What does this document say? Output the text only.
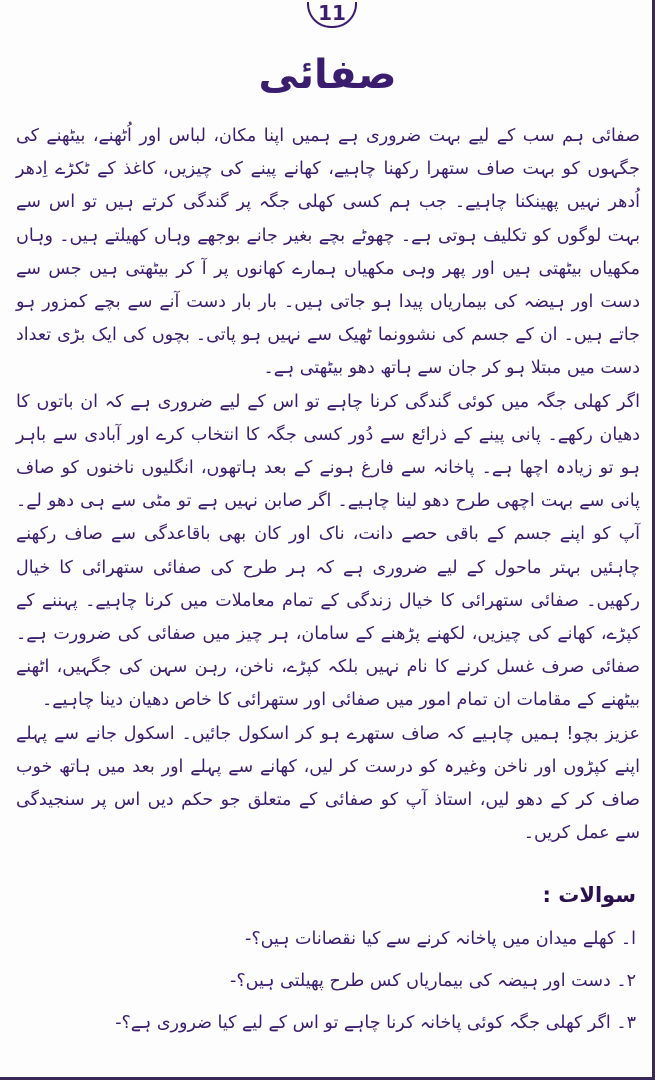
11
صفائی

صفائی ہم سب کے لیے بہت ضروری ہے ہمیں اپنا مکان، لباس اور اُٹھنے، بیٹھنے کی جگہوں کو بہت صاف ستھرا رکھنا چاہیے، کھانے پینے کی چیزیں، کاغذ کے ٹکڑے اِدھر اُدھر نہیں پھینکنا چاہیے۔ جب ہم کسی کھلی جگہ پر گندگی کرتے ہیں تو اس سے بہت لوگوں کو تکلیف ہوتی ہے۔ چھوٹے بچے بغیر جانے بوجھے وہاں کھیلتے ہیں۔ وہاں مکھیاں بیٹھتی ہیں اور پھر وہی مکھیاں ہمارے کھانوں پر آ کر بیٹھتی ہیں جس سے دست اور ہیضہ کی بیماریاں پیدا ہو جاتی ہیں۔ بار بار دست آنے سے بچے کمزور ہو جاتے ہیں۔ ان کے جسم کی نشوونما ٹھیک سے نہیں ہو پاتی۔ بچوں کی ایک بڑی تعداد دست میں مبتلا ہو کر جان سے ہاتھ دھو بیٹھتی ہے۔

اگر کھلی جگہ میں کوئی گندگی کرنا چاہے تو اس کے لیے ضروری ہے کہ ان باتوں کا دھیان رکھے۔ پانی پینے کے ذرائع سے دُور کسی جگہ کا انتخاب کرے اور آبادی سے باہر ہو تو زیادہ اچھا ہے۔ پاخانہ سے فارغ ہونے کے بعد ہاتھوں، انگلیوں ناخنوں کو صاف پانی سے بہت اچھی طرح دھو لینا چاہیے۔ اگر صابن نہیں ہے تو مٹی سے ہی دھو لے۔ آپ کو اپنے جسم کے باقی حصے دانت، ناک اور کان بھی باقاعدگی سے صاف رکھنے چاہئیں بہتر ماحول کے لیے ضروری ہے کہ ہر طرح کی صفائی ستھرائی کا خیال رکھیں۔ صفائی ستھرائی کا خیال زندگی کے تمام معاملات میں کرنا چاہیے۔ پہننے کے کپڑے، کھانے کی چیزیں، لکھنے پڑھنے کے سامان، ہر چیز میں صفائی کی ضرورت ہے۔ صفائی صرف غسل کرنے کا نام نہیں بلکہ کپڑے، ناخن، رہن سہن کی جگہیں، اٹھنے بیٹھنے کے مقامات ان تمام امور میں صفائی اور ستھرائی کا خاص دھیان دینا چاہیے۔

عزیز بچو! ہمیں چاہیے کہ صاف ستھرے ہو کر اسکول جائیں۔ اسکول جانے سے پہلے اپنے کپڑوں اور ناخن وغیرہ کو درست کر لیں، کھانے سے پہلے اور بعد میں ہاتھ خوب صاف کر کے دھو لیں، استاذ آپ کو صفائی کے متعلق جو حکم دیں اس پر سنجیدگی سے عمل کریں۔

سوالات :
ا۔ کھلے میدان میں پاخانہ کرنے سے کیا نقصانات ہیں؟-
٢۔ دست اور ہیضہ کی بیماریاں کس طرح پھیلتی ہیں؟-
٣۔ اگر کھلی جگہ کوئی پاخانہ کرنا چاہے تو اس کے لیے کیا ضروری ہے؟-
